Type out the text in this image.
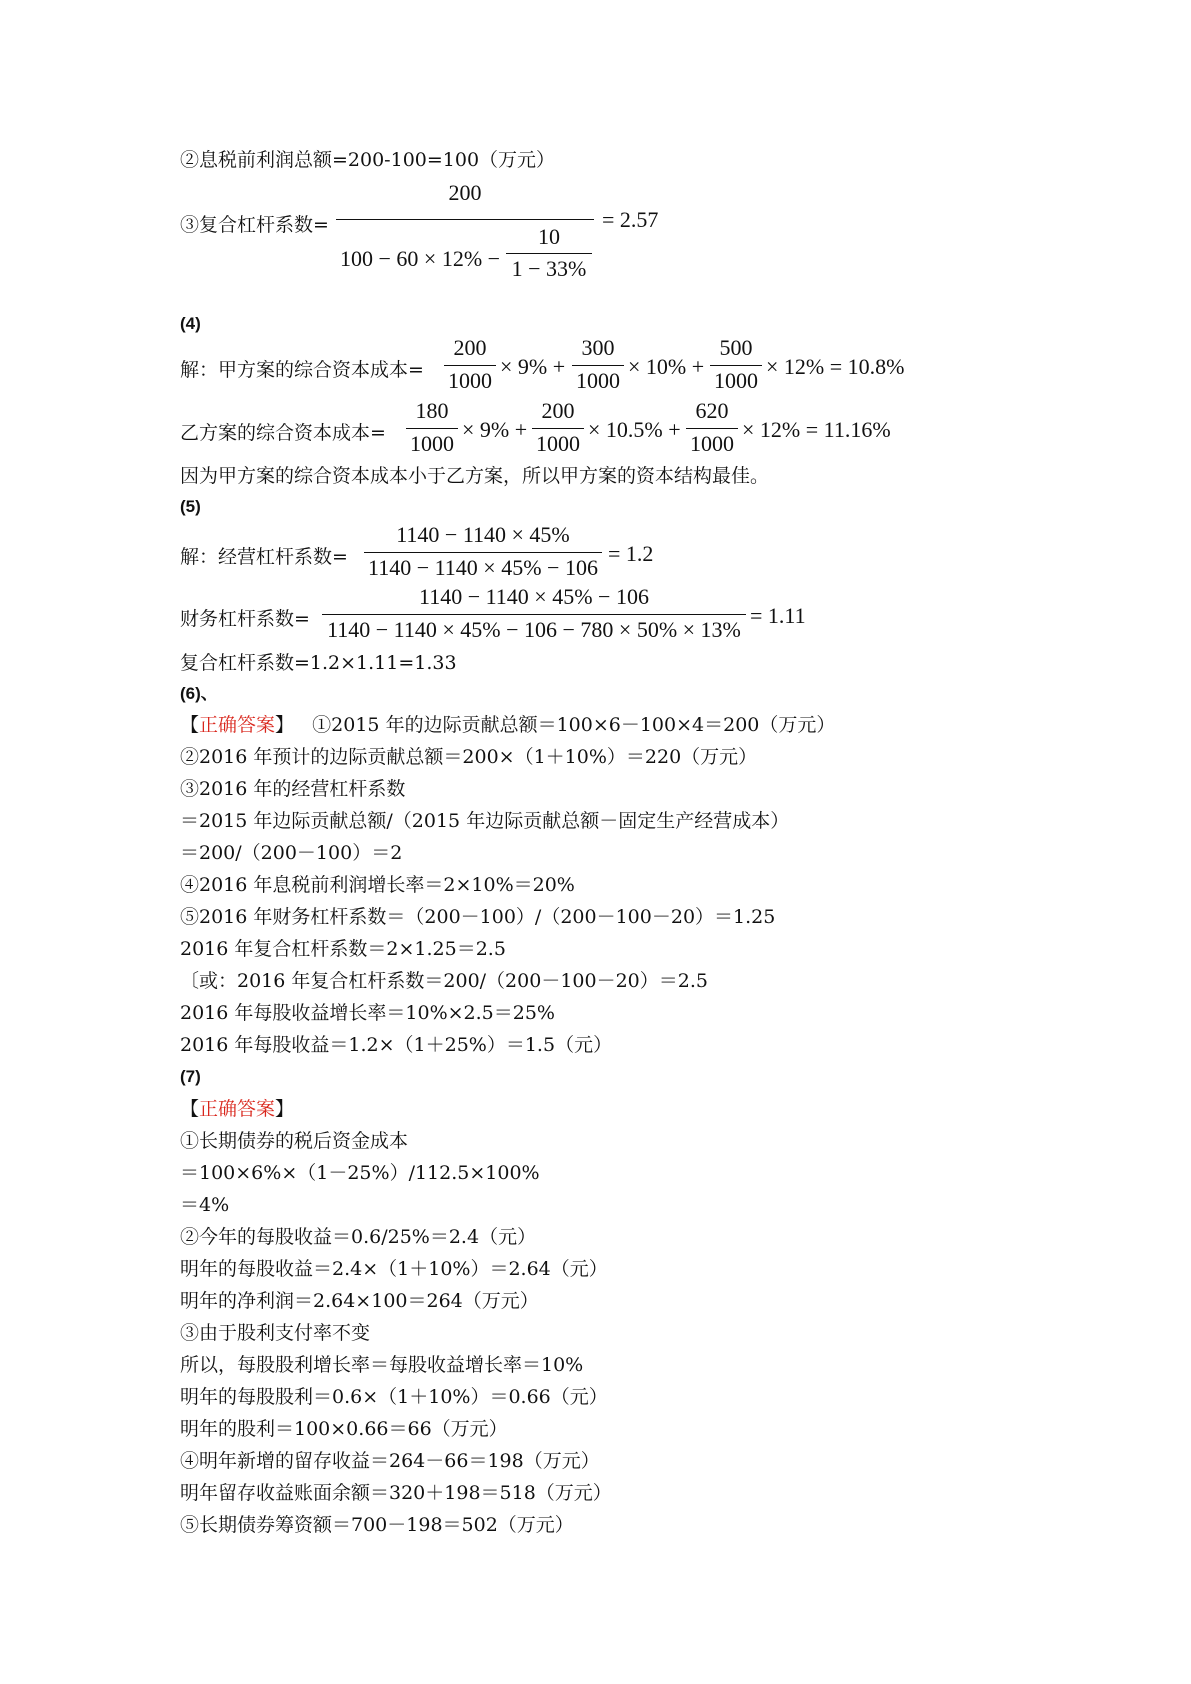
②息税前利润总额=200-100=100（万元）
③复合杠杆系数=
200
100 − 60 × 12% −
10
1 − 33%
= 2.57
(4)
解：甲方案的综合资本成本=
200
1000
× 9% +
300
1000
× 10% +
500
1000
× 12% = 10.8%
乙方案的综合资本成本=
180
1000
× 9% +
200
1000
× 10.5% +
620
1000
× 12% = 11.16%
因为甲方案的综合资本成本小于乙方案，所以甲方案的资本结构最佳。
(5)
解：经营杠杆系数=
1140 − 1140 × 45%
1140 − 1140 × 45% − 106
= 1.2
财务杠杆系数=
1140 − 1140 × 45% − 106
1140 − 1140 × 45% − 106 − 780 × 50% × 13%
= 1.11
复合杠杆系数=1.2×1.11=1.33
(6)、
【正确答案】 ①2015 年的边际贡献总额＝100×6－100×4＝200（万元）
②2016 年预计的边际贡献总额＝200×（1＋10%）＝220（万元）
③2016 年的经营杠杆系数
＝2015 年边际贡献总额/（2015 年边际贡献总额－固定生产经营成本）
＝200/（200－100）＝2
④2016 年息税前利润增长率＝2×10%＝20%
⑤2016 年财务杠杆系数＝（200－100）/（200－100－20）＝1.25
2016 年复合杠杆系数＝2×1.25＝2.5
〔或：2016 年复合杠杆系数＝200/（200－100－20）＝2.5
2016 年每股收益增长率＝10%×2.5＝25%
2016 年每股收益＝1.2×（1＋25%）＝1.5（元）
(7)
【正确答案】
①长期债券的税后资金成本
＝100×6%×（1－25%）/112.5×100%
＝4%
②今年的每股收益＝0.6/25%＝2.4（元）
明年的每股收益＝2.4×（1＋10%）＝2.64（元）
明年的净利润＝2.64×100＝264（万元）
③由于股利支付率不变
所以，每股股利增长率＝每股收益增长率＝10%
明年的每股股利＝0.6×（1＋10%）＝0.66（元）
明年的股利＝100×0.66＝66（万元）
④明年新增的留存收益＝264－66＝198（万元）
明年留存收益账面余额＝320＋198＝518（万元）
⑤长期债券筹资额＝700－198＝502（万元）
